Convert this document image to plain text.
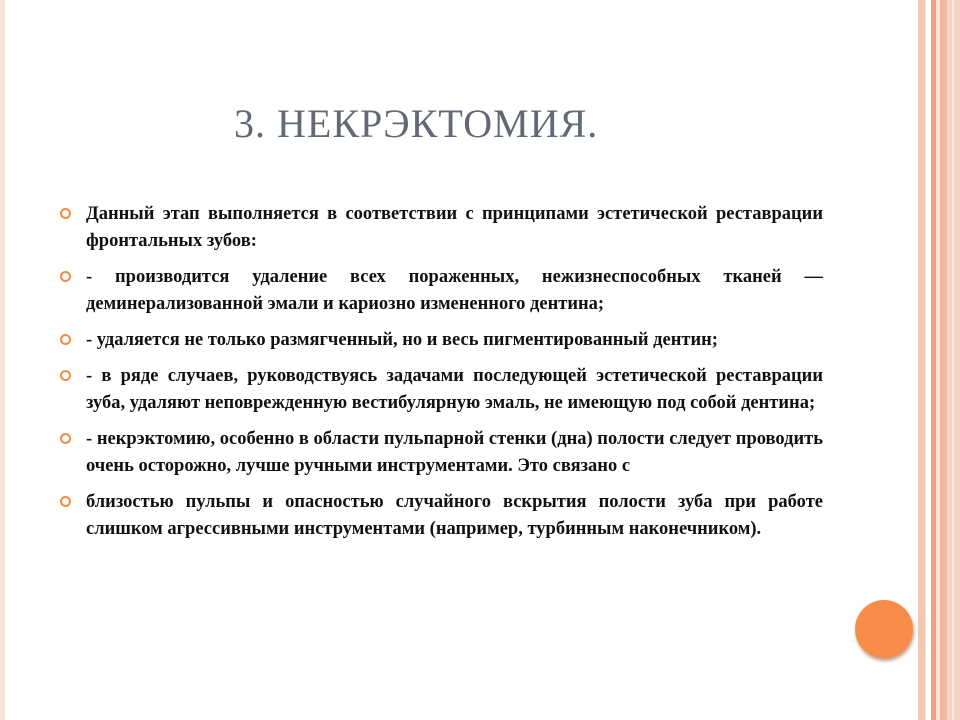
3. НЕКРЭКТОМИЯ.
Данный этап выполняется в соответствии с принципами эстетической реставрации фронтальных зубов:
- производится удаление всех пораженных, нежизнеспособных тканей — деминерализованной эмали и кариозно измененного дентина;
- удаляется не только размягченный, но и весь пигментированный дентин;
- в ряде случаев, руководствуясь задачами последующей эстетической реставрации зуба, удаляют неповрежденную вестибулярную эмаль, не имеющую под собой дентина;
- некрэктомию, особенно в области пульпарной стенки (дна) полости следует проводить очень осторожно, лучше ручными инструментами. Это связано с
близостью пульпы и опасностью случайного вскрытия полости зуба при работе слишком агрессивными инструментами (например, турбинным наконечником).
